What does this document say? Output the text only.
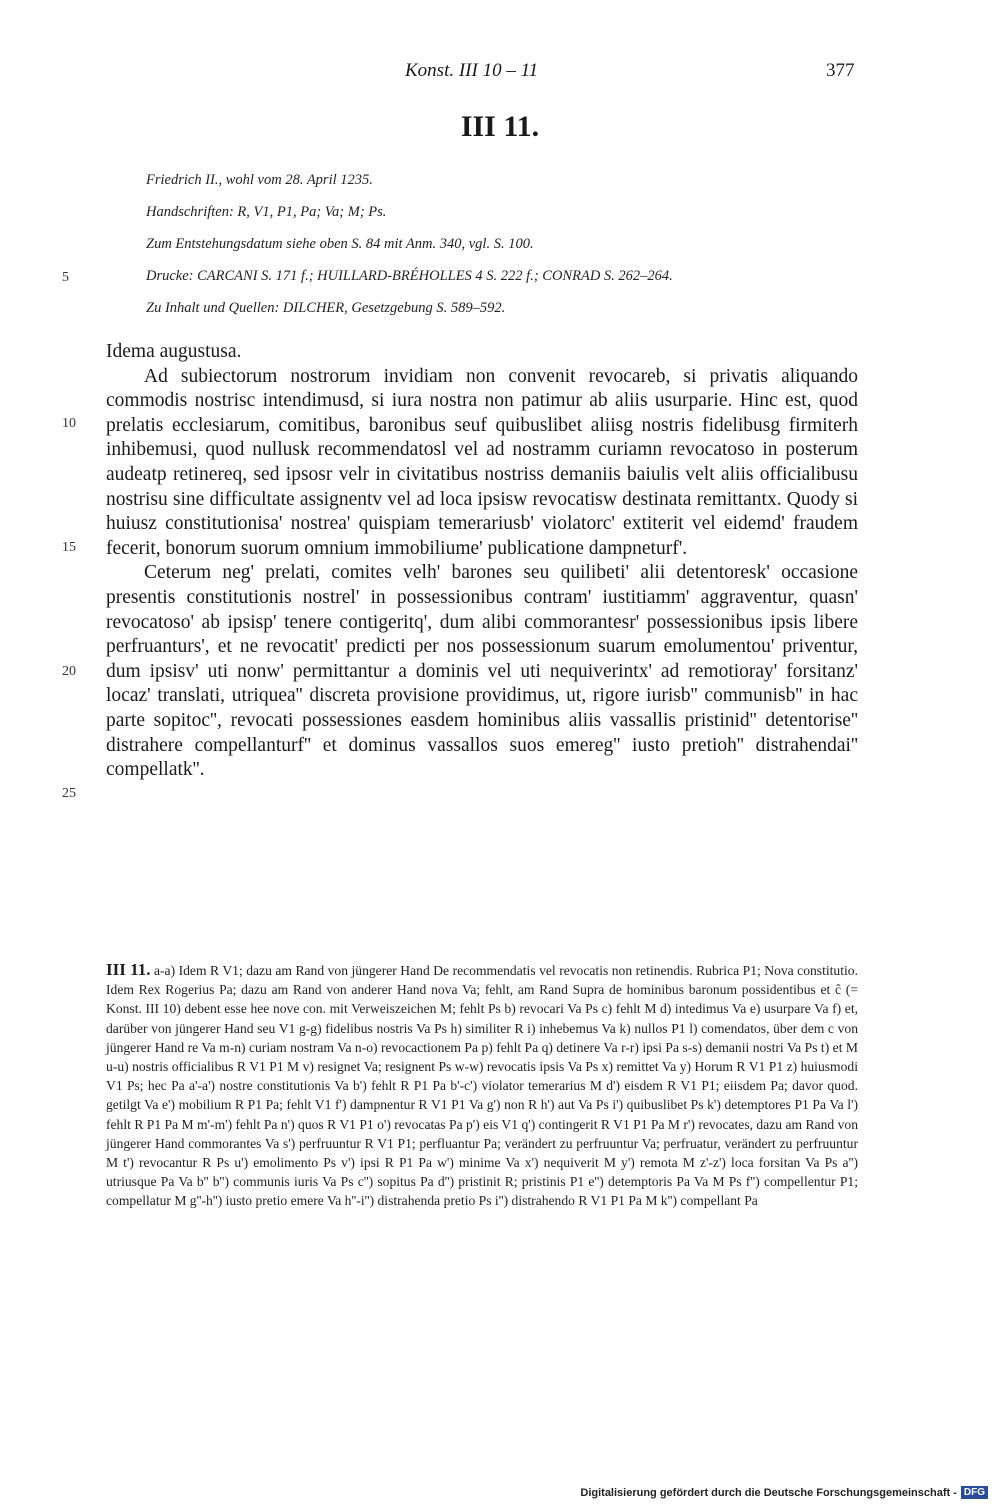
Konst. III 10 – 11	377
III 11.
Friedrich II., wohl vom 28. April 1235.
Handschriften: R, V1, P1, Pa; Va; M; Ps.
Zum Entstehungsdatum siehe oben S. 84 mit Anm. 340, vgl. S. 100.
Drucke: CARCANI S. 171 f.; HUILLARD-BRÉHOLLES 4 S. 222 f.; CONRAD S. 262–264.
Zu Inhalt und Quellen: DILCHER, Gesetzgebung S. 589–592.
5
10
15
20
25

Idema augustusa.

Ad subiectorum nostrorum invidiam non convenit revocareb, si privatis aliquando commodis nostrisc intendimusd, si iura nostra non patimur ab aliis usurparie. Hinc est, quod prelatis ecclesiarum, comitibus, baronibus seuf quibuslibet aliisg nostris fidelibusg firmiterh inhibemusi, quod nullusk recommendatosl vel ad nostramm curiamn revocatoso in posterum audeatp retinereq, sed ipsosr velr in civitatibus nostriss demaniis baiulis velt aliis officialibusu nostrisu sine difficultate assignentv vel ad loca ipsisw revocatisw destinata remittantx. Quody si huiusz constitutionisa' nostrea' quispiam temerariusb' violatorc' extiterit vel eidemd' fraudem fecerit, bonorum suorum omnium immobiliume' publicatione dampneturf'.

Ceterum neg' prelati, comites velh' barones seu quilibeti' alii detentoresk' occasione presentis constitutionis nostrel' in possessionibus contram' iustitiamm' aggraventur, quasn' revocatoso' ab ipsisp' tenere contigeritq', dum alibi commorantesr' possessionibus ipsis libere perfruanturs', et ne revocatit' predicti per nos possessionum suarum emolumentou' priventur, dum ipsisv' uti nonw' permittantur a dominis vel uti nequiverintx' ad remotioray' forsitanz' locaz' translati, utriquea'' discreta provisione providimus, ut, rigore iurisb'' communisb'' in hac parte sopitoc'', revocati possessiones easdem hominibus aliis vassallis pristinid'' detentorise'' distrahere compellanturf'' et dominus vassallos suos emereg'' iusto pretioh'' distrahendai'' compellatk''.

III 11. a-a) Idem R V1; dazu am Rand von jüngerer Hand De recommendatis vel revocatis non retinendis. Rubrica P1; Nova constitutio. Idem Rex Rogerius Pa; dazu am Rand von anderer Hand nova Va; fehlt, am Rand Supra de hominibus baronum possidentibus et ĉ (= Konst. III 10) debent esse hee nove con. mit Verweiszeichen M; fehlt Ps b) revocari Va Ps c) fehlt M d) intedimus Va e) usurpare Va f) et, darüber von jüngerer Hand seu V1 g-g) fidelibus nostris Va Ps h) similiter R i) inhebemus Va k) nullos P1 l) comendatos, über dem c von jüngerer Hand re Va m-n) curiam nostram Va n-o) revocactionem Pa p) fehlt Pa q) detinere Va r-r) ipsi Pa s-s) demanii nostri Va Ps t) et M u-u) nostris officialibus R V1 P1 M v) resignet Va; resignent Ps w-w) revocatis ipsis Va Ps x) remittet Va y) Horum R V1 P1 z) huiusmodi V1 Ps; hec Pa a'-a') nostre constitutionis Va b') fehlt R P1 Pa b'-c') violator temerarius M d') eisdem R V1 P1; eiisdem Pa; davor quod. getilgt Va e') mobilium R P1 Pa; fehlt V1 f') dampnentur R V1 P1 Va g') non R h') aut Va Ps i') quibuslibet Ps k') detemptores P1 Pa Va l') fehlt R P1 Pa M m'-m') fehlt Pa n') quos R V1 P1 o') revocatas Pa p') eis V1 q') contingerit R V1 P1 Pa M r') revocates, dazu am Rand von jüngerer Hand commorantes Va s') perfruuntur R V1 P1; perfluantur Pa; verändert zu perfruuntur Va; perfruatur, verändert zu perfruuntur M t') revocantur R Ps u') emolimento Ps v') ipsi R P1 Pa w') minime Va x') nequiverit M y') remota M z'-z') loca forsitan Va Ps a'') utriusque Pa Va b'' b'') communis iuris Va Ps c'') sopitus Pa d'') pristinit R; pristinis P1 e'') detemptoris Pa Va M Ps f'') compellentur P1; compellatur M g''-h'') iusto pretio emere Va h''-i'') distrahenda pretio Ps i'') distrahendo R V1 P1 Pa M k'') compellant Pa
Digitalisierung gefördert durch die Deutsche Forschungsgemeinschaft - DFG
